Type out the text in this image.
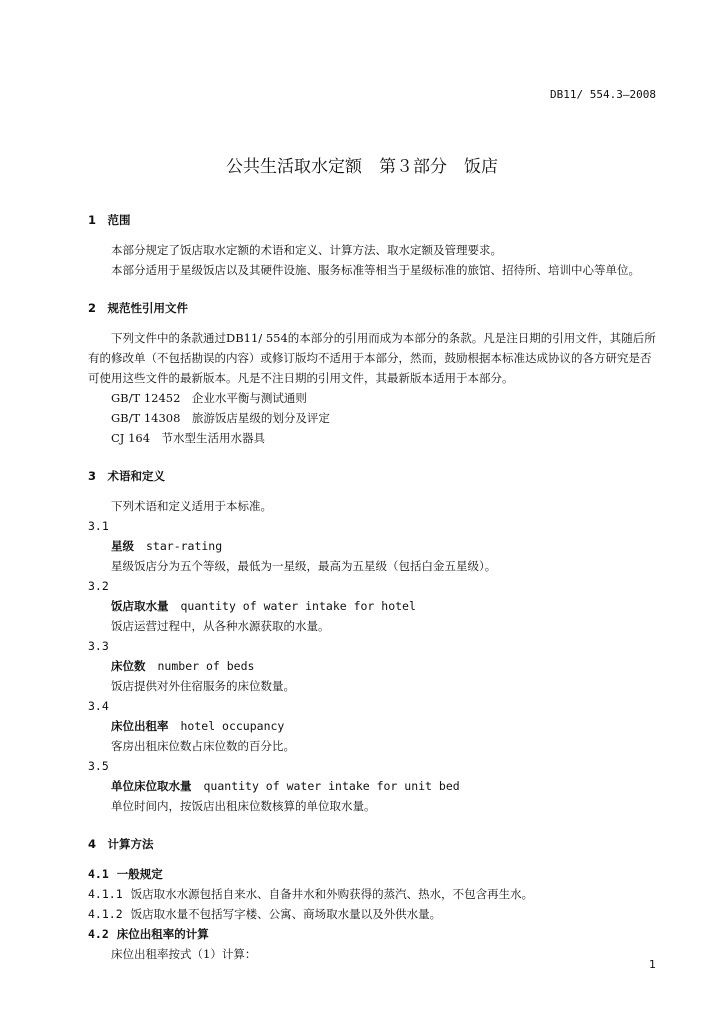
DB11/ 554.3—2008
公共生活取水定额　第３部分　饭店
1　范围
本部分规定了饭店取水定额的术语和定义、计算方法、取水定额及管理要求。
本部分适用于星级饭店以及其硬件设施、服务标准等相当于星级标准的旅馆、招待所、培训中心等单位。
2　规范性引用文件
下列文件中的条款通过DB11/ 554的本部分的引用而成为本部分的条款。凡是注日期的引用文件，其随后所有的修改单（不包括勘误的内容）或修订版均不适用于本部分，然而，鼓励根据本标准达成协议的各方研究是否可使用这些文件的最新版本。凡是不注日期的引用文件，其最新版本适用于本部分。
GB/T 12452　企业水平衡与测试通则
GB/T 14308　旅游饭店星级的划分及评定
CJ 164　节水型生活用水器具
3　术语和定义
下列术语和定义适用于本标准。
3.1
星级 star-rating
星级饭店分为五个等级，最低为一星级，最高为五星级（包括白金五星级）。
3.2
饭店取水量 quantity of water intake for hotel
饭店运营过程中，从各种水源获取的水量。
3.3
床位数 number of beds
饭店提供对外住宿服务的床位数量。
3.4
床位出租率 hotel occupancy
客房出租床位数占床位数的百分比。
3.5
单位床位取水量 quantity of water intake for unit bed
单位时间内，按饭店出租床位数核算的单位取水量。
4　计算方法
4.1 一般规定
4.1.1 饭店取水水源包括自来水、自备井水和外购获得的蒸汽、热水，不包含再生水。
4.1.2 饭店取水量不包括写字楼、公寓、商场取水量以及外供水量。
4.2 床位出租率的计算
床位出租率按式（1）计算：
1
